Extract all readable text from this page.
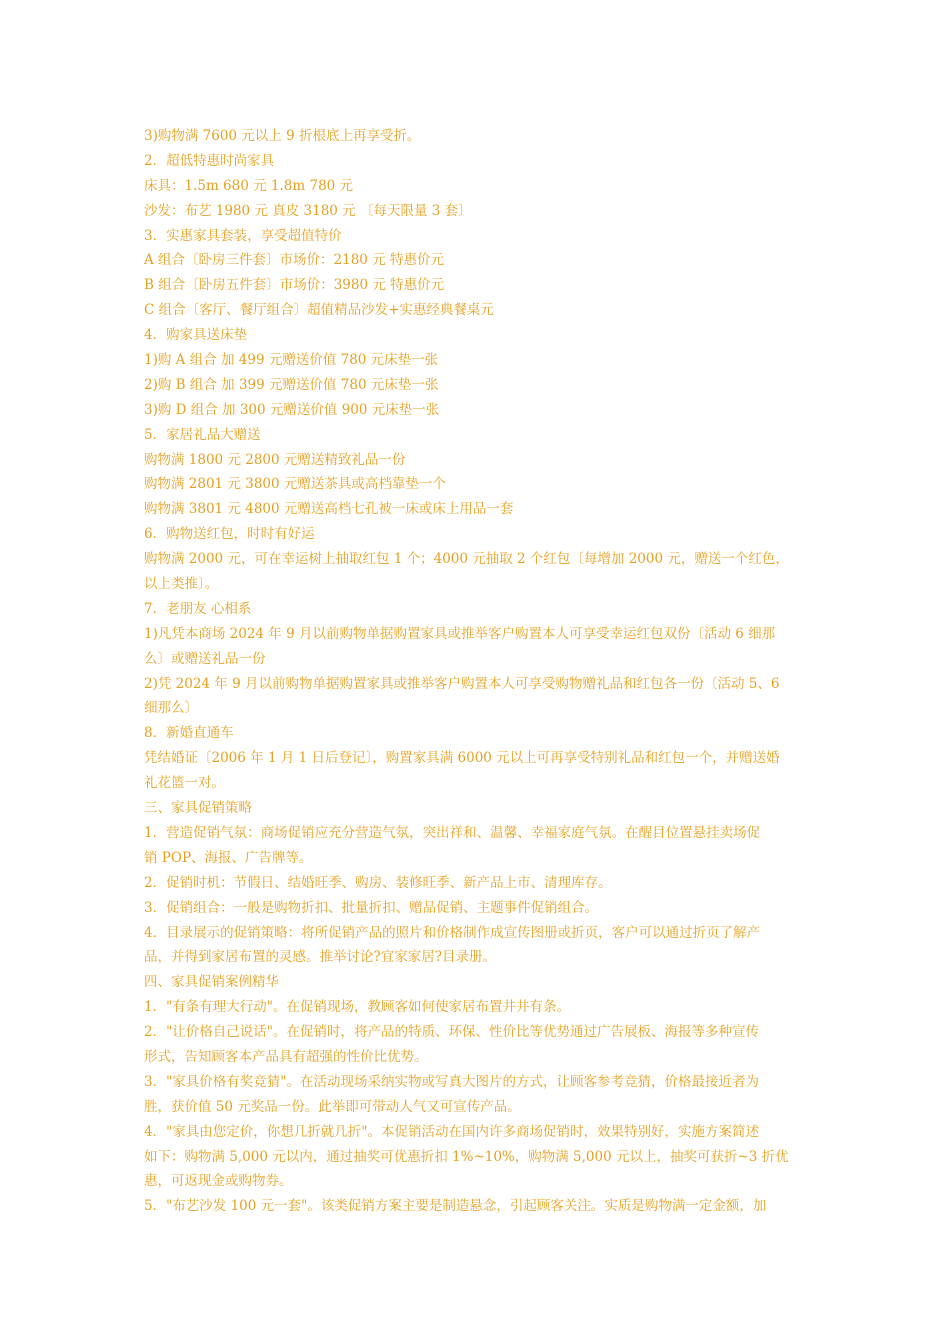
3)购物满 7600 元以上 9 折根底上再享受折。
2．超低特惠时尚家具
床具：1.5m 680 元 1.8m 780 元
沙发：布艺 1980 元 真皮 3180 元 〔每天限量 3 套〕
3．实惠家具套装，享受超值特价
A 组合〔卧房三件套〕市场价：2180 元 特惠价元
B 组合〔卧房五件套〕市场价：3980 元 特惠价元
C 组合〔客厅、餐厅组合〕超值精品沙发+实惠经典餐桌元
4．购家具送床垫
1)购 A 组合 加 499 元赠送价值 780 元床垫一张
2)购 B 组合 加 399 元赠送价值 780 元床垫一张
3)购 D 组合 加 300 元赠送价值 900 元床垫一张
5．家居礼品大赠送
购物满 1800 元 2800 元赠送精致礼品一份
购物满 2801 元 3800 元赠送茶具或高档靠垫一个
购物满 3801 元 4800 元赠送高档七孔被一床或床上用品一套
6．购物送红包，时时有好运
购物满 2000 元，可在幸运树上抽取红包 1 个；4000 元抽取 2 个红包〔每增加 2000 元，赠送一个红色，
以上类推〕。
7．老朋友 心相系
1)凡凭本商场 2024 年 9 月以前购物单据购置家具或推举客户购置本人可享受幸运红包双份〔活动 6 细那
么〕或赠送礼品一份
2)凭 2024 年 9 月以前购物单据购置家具或推举客户购置本人可享受购物赠礼品和红包各一份〔活动 5、6
细那么〕
8．新婚直通车
凭结婚证〔2006 年 1 月 1 日后登记〕，购置家具满 6000 元以上可再享受特别礼品和红包一个，并赠送婚
礼花篮一对。
三、家具促销策略
1．营造促销气氛：商场促销应充分营造气氛，突出祥和、温馨、幸福家庭气氛。在醒目位置悬挂卖场促
销 POP、海报、广告牌等。
2．促销时机：节假日、结婚旺季、购房、装修旺季、新产品上市、清理库存。
3．促销组合：一般是购物折扣、批量折扣、赠品促销、主题事件促销组合。
4．目录展示的促销策略：将所促销产品的照片和价格制作成宣传图册或折页，客户可以通过折页了解产
品，并得到家居布置的灵感。推举讨论?宜家家居?目录册。
四、家具促销案例精华
1．"有条有理大行动"。在促销现场，教顾客如何使家居布置井井有条。
2．"让价格自己说话"。在促销时，将产品的特质、环保、性价比等优势通过广告展板、海报等多种宣传
形式，告知顾客本产品具有超强的性价比优势。
3．"家具价格有奖竞猜"。在活动现场采纳实物或写真大图片的方式，让顾客参考竞猜，价格最接近者为
胜，获价值 50 元奖品一份。此举即可带动人气又可宣传产品。
4．"家具由您定价，你想几折就几折"。本促销活动在国内许多商场促销时，效果特别好，实施方案简述
如下：购物满 5,000 元以内，通过抽奖可优惠折扣 1%~10%，购物满 5,000 元以上，抽奖可获折~3 折优
惠，可返现金或购物券。
5．"布艺沙发 100 元一套"。该类促销方案主要是制造悬念，引起顾客关注。实质是购物满一定金额，加
